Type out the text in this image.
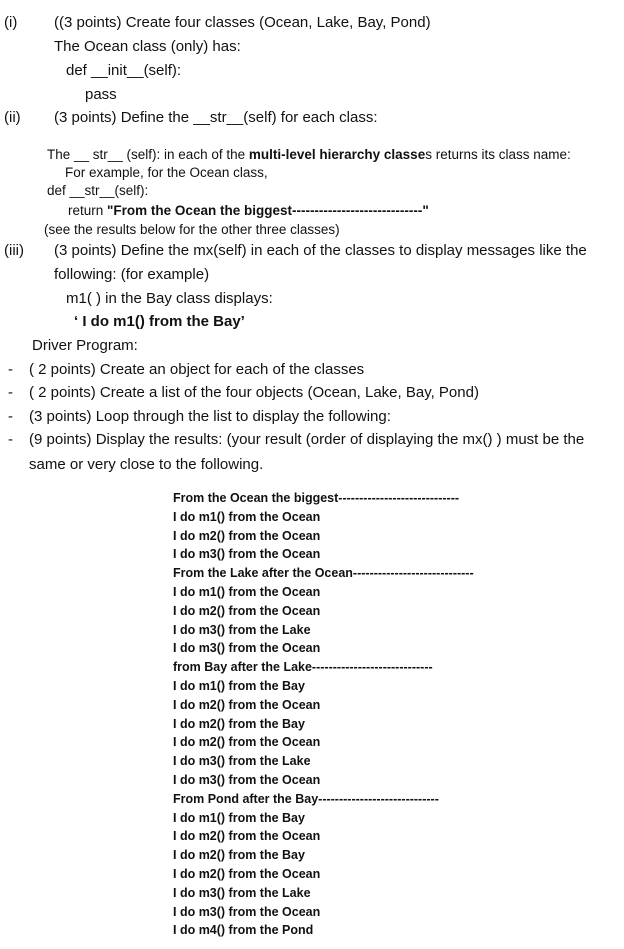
(i) ((3 points) Create four classes (Ocean, Lake, Bay, Pond)
The Ocean class (only) has:
def __init__(self):
pass
(ii) (3 points) Define the __str__(self) for each class:
The __ str__ (self): in each of the multi-level hierarchy classes returns its class name:
For example, for the Ocean class,
def __str__(self):
return "From the Ocean the biggest-----------------------------"
(see the results below for the other three classes)
(iii) (3 points) Define the mx(self) in each of the classes to display messages like the
following: (for example)
m1( ) in the Bay class displays:
‘ I do m1() from the Bay’
Driver Program:
- ( 2 points) Create an object for each of the classes
- ( 2 points) Create a list of the four objects (Ocean, Lake, Bay, Pond)
- (3 points) Loop through the list to display the following:
- (9 points) Display the results: (your result (order of displaying the mx() ) must be the
same or very close to the following.
From the Ocean the biggest-----------------------------
I do m1() from the Ocean
I do m2() from the Ocean
I do m3() from the Ocean
From the Lake after the Ocean-----------------------------
I do m1() from the Ocean
I do m2() from the Ocean
I do m3() from the Lake
I do m3() from the Ocean
from Bay after the Lake-----------------------------
I do m1() from the Bay
I do m2() from the Ocean
I do m2() from the Bay
I do m2() from the Ocean
I do m3() from the Lake
I do m3() from the Ocean
From Pond after the Bay-----------------------------
I do m1() from the Bay
I do m2() from the Ocean
I do m2() from the Bay
I do m2() from the Ocean
I do m3() from the Lake
I do m3() from the Ocean
I do m4() from the Pond
